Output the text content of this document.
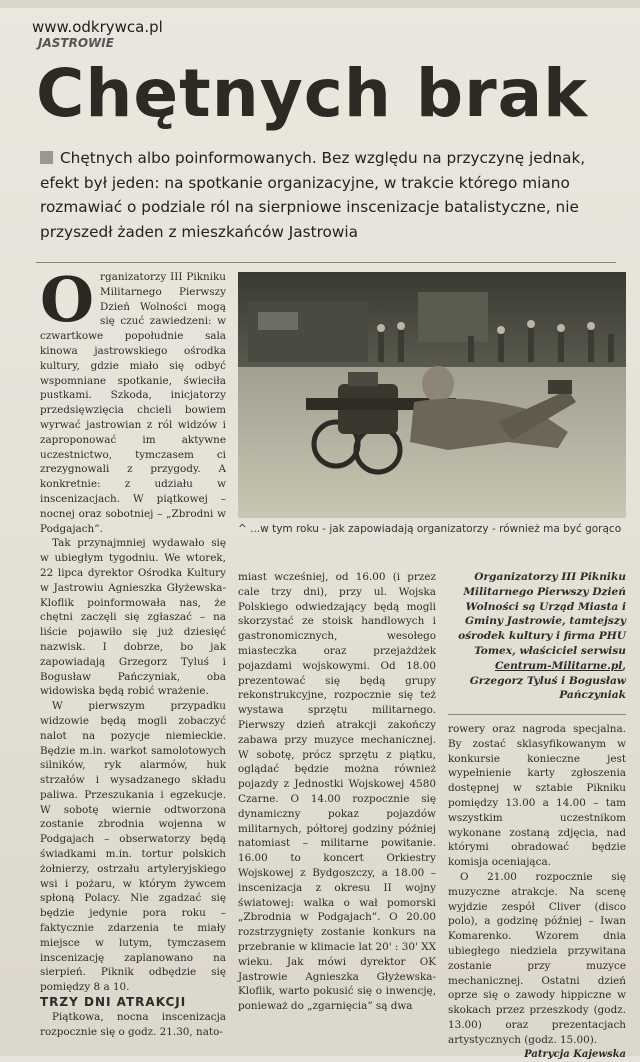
www.odkrywca.pl
JASTROWIE
Chętnych brak
Chętnych albo poinformowanych. Bez względu na przyczynę jednak, efekt był jeden: na spotkanie organizacyjne, w trakcie którego miano rozmawiać o podziale ról na sierpniowe inscenizacje batalistyczne, nie przyszedł żaden z mieszkańców Jastrowia

Organizatorzy III Pikniku Militarnego Pierwszy Dzień Wolności mogą się czuć zawiedzeni: w czwartkowe popołudnie sala kinowa jastrowskiego ośrodka kultury, gdzie miało się odbyć wspomniane spotkanie, świeciła pustkami. Szkoda, inicjatorzy przedsięwzięcia chcieli bowiem wyrwać jastrowian z ról widzów i zaproponować im aktywne uczestnictwo, tymczasem ci zrezygnowali z przygody. A konkretnie: z udziału w inscenizacjach. W piątkowej – nocnej oraz sobotniej – „Zbrodni w Podgajach”.

Tak przynajmniej wydawało się w ubiegłym tygodniu. We wtorek, 22 lipca dyrektor Ośrodka Kultury w Jastrowiu Agnieszka Głyżewska-Kloflik poinformowała nas, że chętni zaczęli się zgłaszać – na liście pojawiło się już dziesięć nazwisk. I dobrze, bo jak zapowiadają Grzegorz Tyluś i Bogusław Pańczyniak, oba widowiska będą robić wrażenie.

W pierwszym przypadku widzowie będą mogli zobaczyć nalot na pozycje niemieckie. Będzie m.in. warkot samolotowych silników, ryk alarmów, huk strzałów i wysadzanego składu paliwa. Przeszukania i egzekucje. W sobotę wiernie odtworzona zostanie zbrodnia wojenna w Podgajach – obserwatorzy będą świadkami m.in. tortur polskich żołnierzy, ostrzału artyleryjskiego wsi i pożaru, w którym żywcem spłoną Polacy. Nie zgadzać się będzie jedynie pora roku – faktycznie zdarzenia te miały miejsce w lutym, tymczasem inscenizację zaplanowano na sierpień. Piknik odbędzie się pomiędzy 8 a 10.

TRZY DNI ATRAKCJI

Piątkowa, nocna inscenizacja rozpocznie się o godz. 21.30, nato-

^ ...w tym roku - jak zapowiadają organizatorzy - również ma być gorąco

miast wcześniej, od 16.00 (i przez cale trzy dni), przy ul. Wojska Polskiego odwiedzający będą mogli skorzystać ze stoisk handlowych i gastronomicznych, wesołego miasteczka oraz przejażdżek pojazdami wojskowymi. Od 18.00 prezentować się będą grupy rekonstrukcyjne, rozpocznie się też wystawa sprzętu militarnego. Pierwszy dzień atrakcji zakończy zabawa przy muzyce mechanicznej. W sobotę, prócz sprzętu z piątku, oglądać będzie można również pojazdy z Jednostki Wojskowej 4580 Czarne. O 14.00 rozpocznie się dynamiczny pokaz pojazdów militarnych, półtorej godziny później natomiast – militarne powitanie. 16.00 to koncert Orkiestry Wojskowej z Bydgoszczy, a 18.00 – inscenizacja z okresu II wojny światowej: walka o wał pomorski „Zbrodnia w Podgajach”. O 20.00 rozstrzygnięty zostanie konkurs na przebranie w klimacie lat 20' : 30' XX wieku. Jak mówi dyrektor OK Jastrowie Agnieszka Głyżewska-Kloflik, warto pokusić się o inwencję, ponieważ do „zgarnięcia” są dwa

Organizatorzy III Pikniku Militarnego Pierwszy Dzień Wolności są Urząd Miasta i Gminy Jastrowie, tamtejszy ośrodek kultury i firma PHU Tomex, właściciel serwisu Centrum-Militarne.pl, Grzegorz Tyluś i Bogusław Pańczyniak

rowery oraz nagroda specjalna. By zostać sklasyfikowanym w konkursie konieczne jest wypełnienie karty zgłoszenia dostępnej w sztabie Pikniku pomiędzy 13.00 a 14.00 – tam wszystkim uczestnikom wykonane zostaną zdjęcia, nad którymi obradować będzie komisja oceniająca.

O 21.00 rozpocznie się muzyczne atrakcje. Na scenę wyjdzie zespół Cliver (disco polo), a godzinę później – Iwan Komarenko. Wzorem dnia ubiegłego niedziela przywitana zostanie przy muzyce mechanicznej. Ostatni dzień oprze się o zawody hippiczne w skokach przez przeszkody (godz. 13.00) oraz prezentacjach artystycznych (godz. 15.00).

Patrycja Kajewska
